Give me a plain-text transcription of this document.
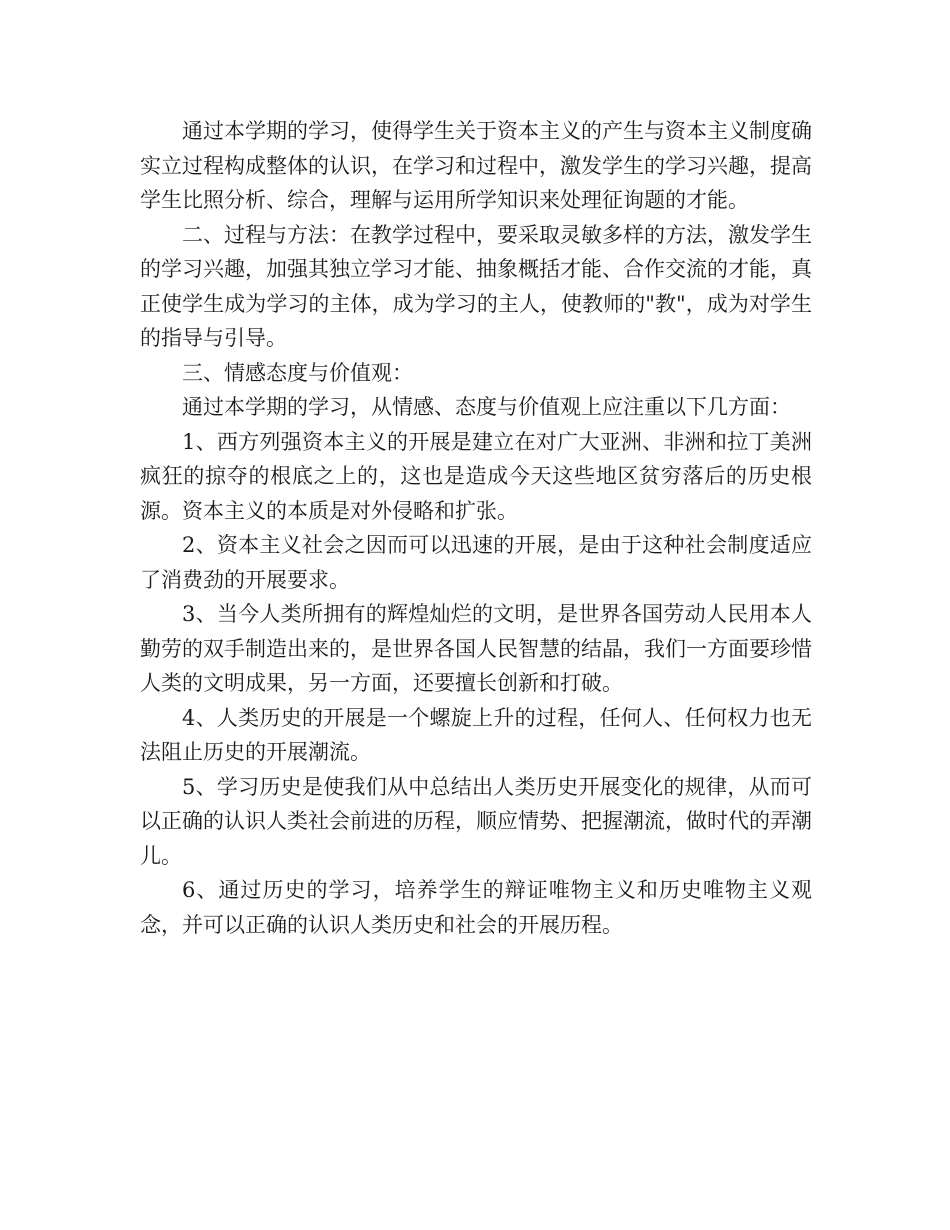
通过本学期的学习，使得学生关于资本主义的产生与资本主义制度确实立过程构成整体的认识，在学习和过程中，激发学生的学习兴趣，提高学生比照分析、综合，理解与运用所学知识来处理征询题的才能。

二、过程与方法：在教学过程中，要采取灵敏多样的方法，激发学生的学习兴趣，加强其独立学习才能、抽象概括才能、合作交流的才能，真正使学生成为学习的主体，成为学习的主人，使教师的"教"，成为对学生的指导与引导。

三、情感态度与价值观：

通过本学期的学习，从情感、态度与价值观上应注重以下几方面：

1、西方列强资本主义的开展是建立在对广大亚洲、非洲和拉丁美洲疯狂的掠夺的根底之上的，这也是造成今天这些地区贫穷落后的历史根源。资本主义的本质是对外侵略和扩张。

2、资本主义社会之因而可以迅速的开展，是由于这种社会制度适应了消费劲的开展要求。

3、当今人类所拥有的辉煌灿烂的文明，是世界各国劳动人民用本人勤劳的双手制造出来的，是世界各国人民智慧的结晶，我们一方面要珍惜人类的文明成果，另一方面，还要擅长创新和打破。

4、人类历史的开展是一个螺旋上升的过程，任何人、任何权力也无法阻止历史的开展潮流。

5、学习历史是使我们从中总结出人类历史开展变化的规律，从而可以正确的认识人类社会前进的历程，顺应情势、把握潮流，做时代的弄潮儿。

6、通过历史的学习，培养学生的辩证唯物主义和历史唯物主义观念，并可以正确的认识人类历史和社会的开展历程。
